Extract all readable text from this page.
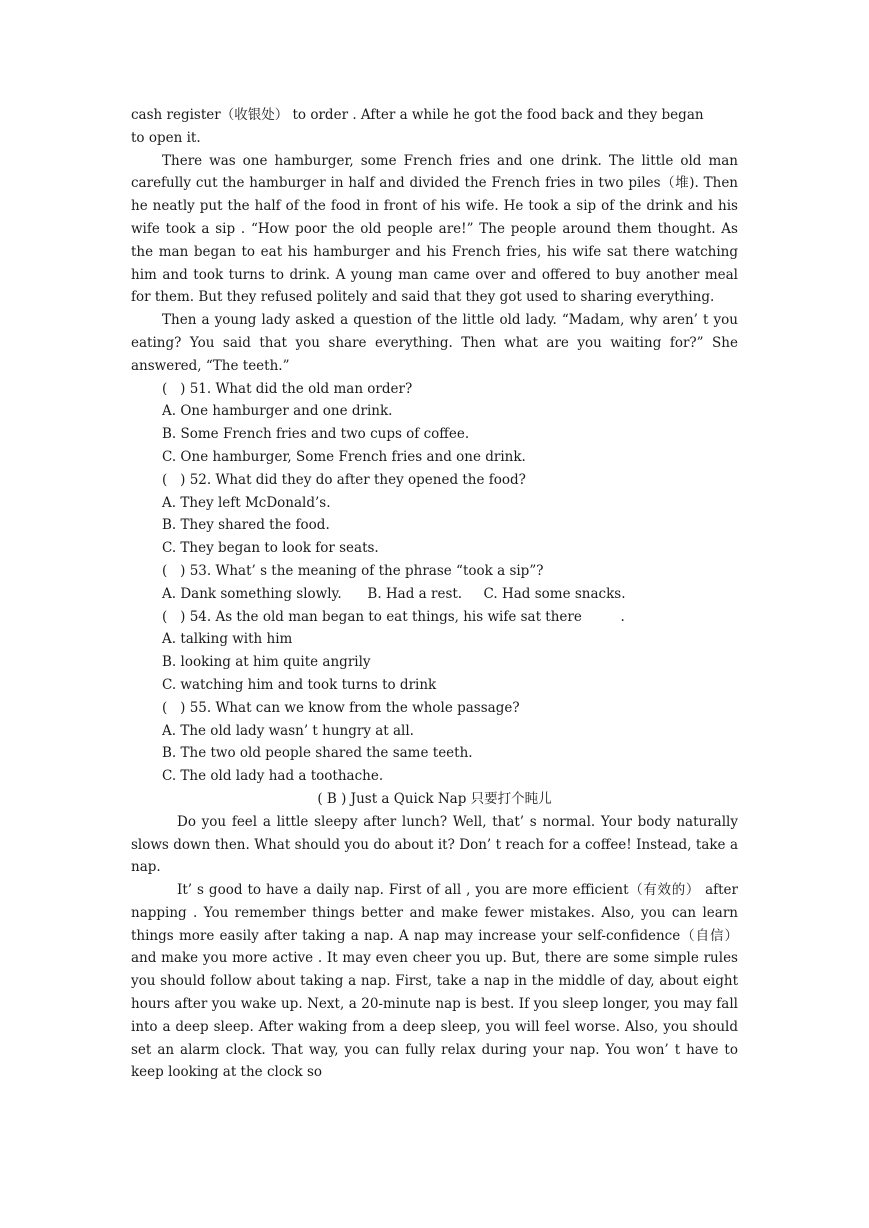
cash register（收银处） to order . After a while he got the food back and they began

to open it.

There was one hamburger, some French fries and one drink. The little old man carefully cut the hamburger in half and divided the French fries in two piles（堆). Then he neatly put the half of the food in front of his wife. He took a sip of the drink and his wife took a sip . “How poor the old people are!” The people around them thought. As the man began to eat his hamburger and his French fries, his wife sat there watching him and took turns to drink. A young man came over and offered to buy another meal for them. But they refused politely and said that they got used to sharing everything.

Then a young lady asked a question of the little old lady. “Madam, why aren’ t you eating? You said that you share everything. Then what are you waiting for?” She answered, “The teeth.”

(   ) 51. What did the old man order?

A. One hamburger and one drink.

B. Some French fries and two cups of coffee.

C. One hamburger, Some French fries and one drink.

(   ) 52. What did they do after they opened the food?

A. They left McDonald’s.

B. They shared the food.

C. They began to look for seats.

(   ) 53. What’ s the meaning of the phrase “took a sip”?

A. Dank something slowly.      B. Had a rest.     C. Had some snacks.

(   ) 54. As the old man began to eat things, his wife sat there         .

A. talking with him

B. looking at him quite angrily

C. watching him and took turns to drink

(   ) 55. What can we know from the whole passage?

A. The old lady wasn’ t hungry at all.

B. The two old people shared the same teeth.

C. The old lady had a toothache.

( B ) Just a Quick Nap 只要打个盹儿

Do you feel a little sleepy after lunch? Well, that’ s normal. Your body naturally slows down then. What should you do about it? Don’ t reach for a coffee! Instead, take a nap.

It’ s good to have a daily nap. First of all , you are more efficient（有效的） after napping . You remember things better and make fewer mistakes. Also, you can learn things more easily after taking a nap. A nap may increase your self-confidence（自信） and make you more active . It may even cheer you up. But, there are some simple rules you should follow about taking a nap. First, take a nap in the middle of day, about eight hours after you wake up. Next, a 20-minute nap is best. If you sleep longer, you may fall into a deep sleep. After waking from a deep sleep, you will feel worse. Also, you should set an alarm clock. That way, you can fully relax during your nap. You won’ t have to keep looking at the clock so
